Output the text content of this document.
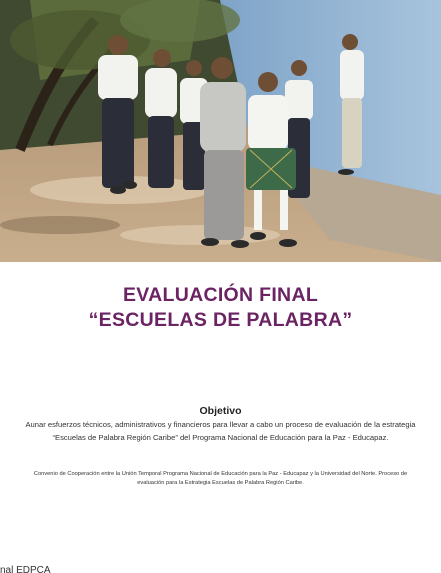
EVALUACIÓN FINAL

“ESCUELAS DE PALABRA”

Objetivo

Aunar esfuerzos técnicos, administrativos y financieros para llevar a cabo un proceso de evaluación de la estrategia “Escuelas de Palabra Región Caribe” del Programa Nacional de Educación para la Paz - Educapaz.

Convenio de Cooperación entre la Unión Temporal Programa Nacional de Educación para la Paz - Educapaz y la Universidad del Norte. Proceso de evaluación para la Estrategia Escuelas de Palabra Región Caribe.

nal EDPCA
